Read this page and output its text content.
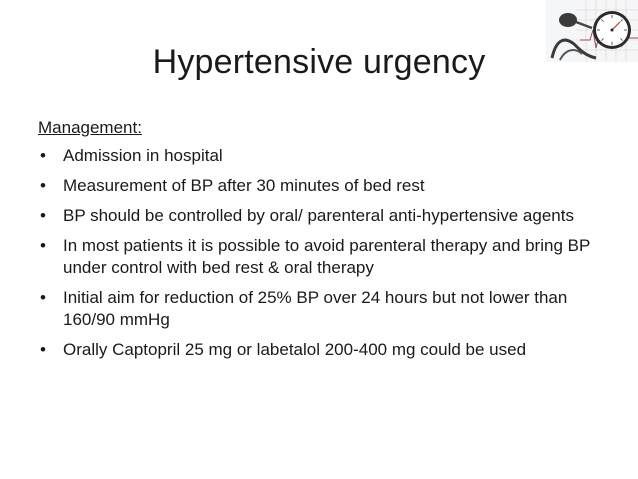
Hypertensive urgency
Management:
• Admission in hospital
• Measurement of BP after 30 minutes of bed rest
• BP should be controlled by oral/ parenteral anti-hypertensive agents
• In most patients it is possible to avoid parenteral therapy and bring BP under control with bed rest & oral therapy
• Initial aim for reduction of 25% BP over 24 hours but not lower than 160/90 mmHg
• Orally Captopril 25 mg or labetalol 200-400 mg could be used
